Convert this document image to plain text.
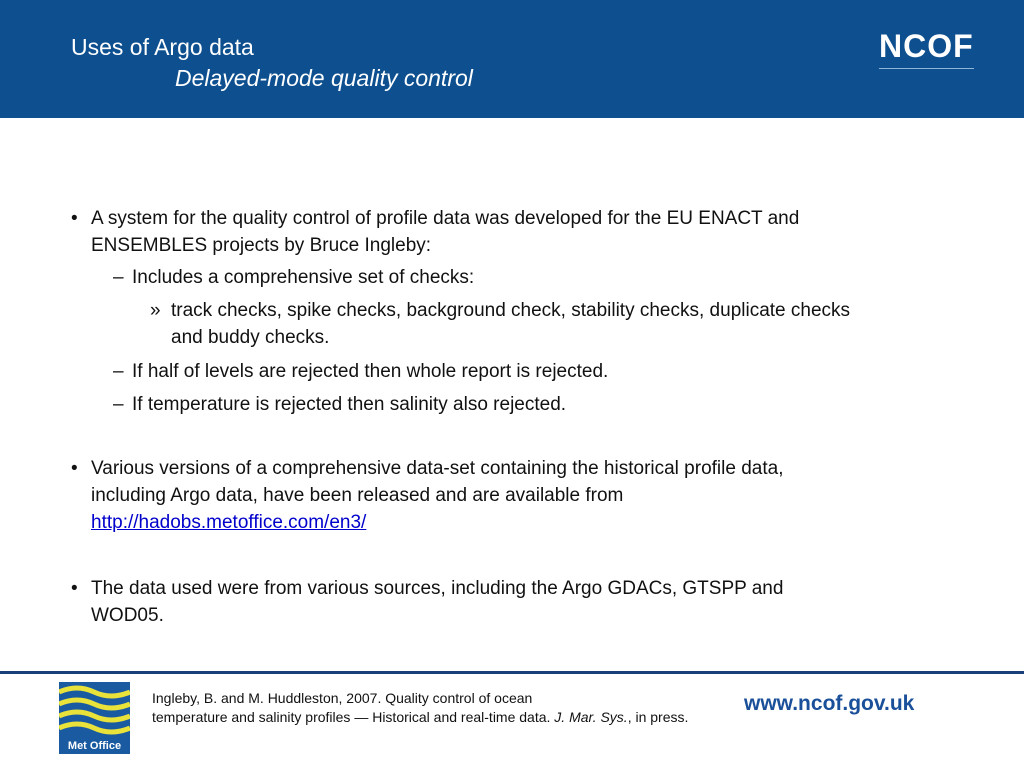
Uses of Argo data
Delayed-mode quality control
NCOF
• A system for the quality control of profile data was developed for the EU ENACT and
ENSEMBLES projects by Bruce Ingleby:
– Includes a comprehensive set of checks:
» track checks, spike checks, background check, stability checks, duplicate checks
and buddy checks.
– If half of levels are rejected then whole report is rejected.
– If temperature is rejected then salinity also rejected.
• Various versions of a comprehensive data-set containing the historical profile data,
including Argo data, have been released and are available from
http://hadobs.metoffice.com/en3/
• The data used were from various sources, including the Argo GDACs, GTSPP and
WOD05.
Met Office
Ingleby, B. and M. Huddleston, 2007. Quality control of ocean
temperature and salinity profiles — Historical and real-time data. J. Mar. Sys., in press.
www.ncof.gov.uk
